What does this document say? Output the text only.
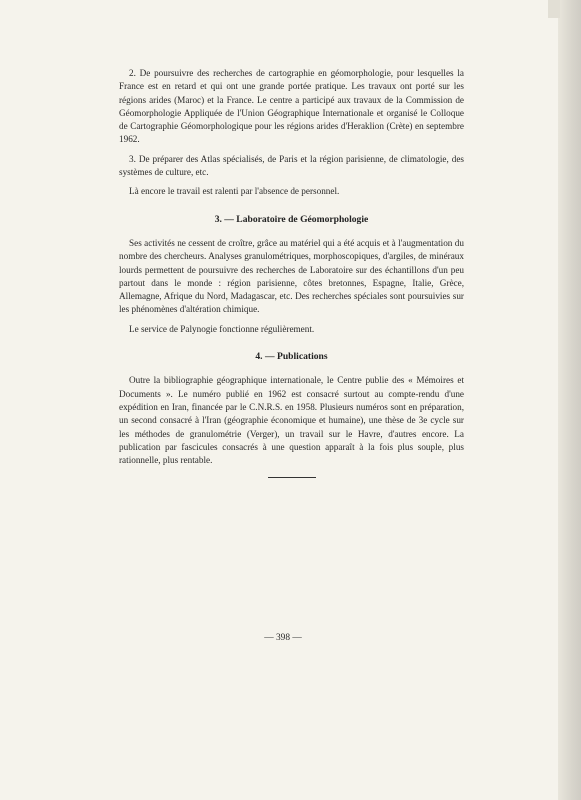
2. De poursuivre des recherches de cartographie en géomorphologie, pour lesquelles la France est en retard et qui ont une grande portée pratique. Les travaux ont porté sur les régions arides (Maroc) et la France. Le centre a participé aux travaux de la Commission de Géomorphologie Appliquée de l'Union Géographique Internationale et organisé le Colloque de Cartographie Géomorphologique pour les régions arides d'Heraklion (Crète) en septembre 1962.

3. De préparer des Atlas spécialisés, de Paris et la région parisienne, de climatologie, des systèmes de culture, etc.

Là encore le travail est ralenti par l'absence de personnel.

3. — Laboratoire de Géomorphologie

Ses activités ne cessent de croître, grâce au matériel qui a été acquis et à l'augmentation du nombre des chercheurs. Analyses granulométriques, morphoscopiques, d'argiles, de minéraux lourds permettent de poursuivre des recherches de Laboratoire sur des échantillons d'un peu partout dans le monde : région parisienne, côtes bretonnes, Espagne, Italie, Grèce, Allemagne, Afrique du Nord, Madagascar, etc. Des recherches spéciales sont poursuivies sur les phénomènes d'altération chimique.

Le service de Palynogie fonctionne régulièrement.

4. — Publications

Outre la bibliographie géographique internationale, le Centre publie des « Mémoires et Documents ». Le numéro publié en 1962 est consacré surtout au compte-rendu d'une expédition en Iran, financée par le C.N.R.S. en 1958. Plusieurs numéros sont en préparation, un second consacré à l'Iran (géographie économique et humaine), une thèse de 3e cycle sur les méthodes de granulométrie (Verger), un travail sur le Havre, d'autres encore. La publication par fascicules consacrés à une question apparaît à la fois plus souple, plus rationnelle, plus rentable.

— 398 —
